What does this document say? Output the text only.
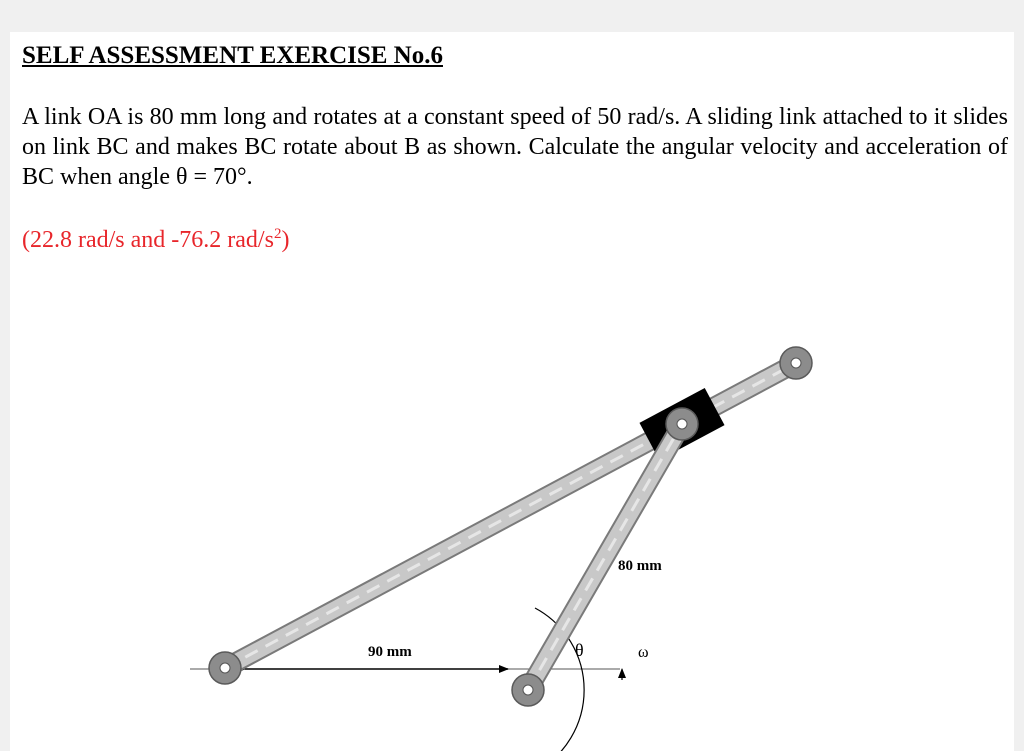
SELF ASSESSMENT EXERCISE No.6

A link OA is 80 mm long and rotates at a constant speed of 50 rad/s. A sliding link attached to it slides on link BC and makes BC rotate about B as shown. Calculate the angular velocity and acceleration of BC when angle θ = 70°.

(22.8 rad/s and -76.2 rad/$s^2$)

90 mm
80 mm
θ	ω
